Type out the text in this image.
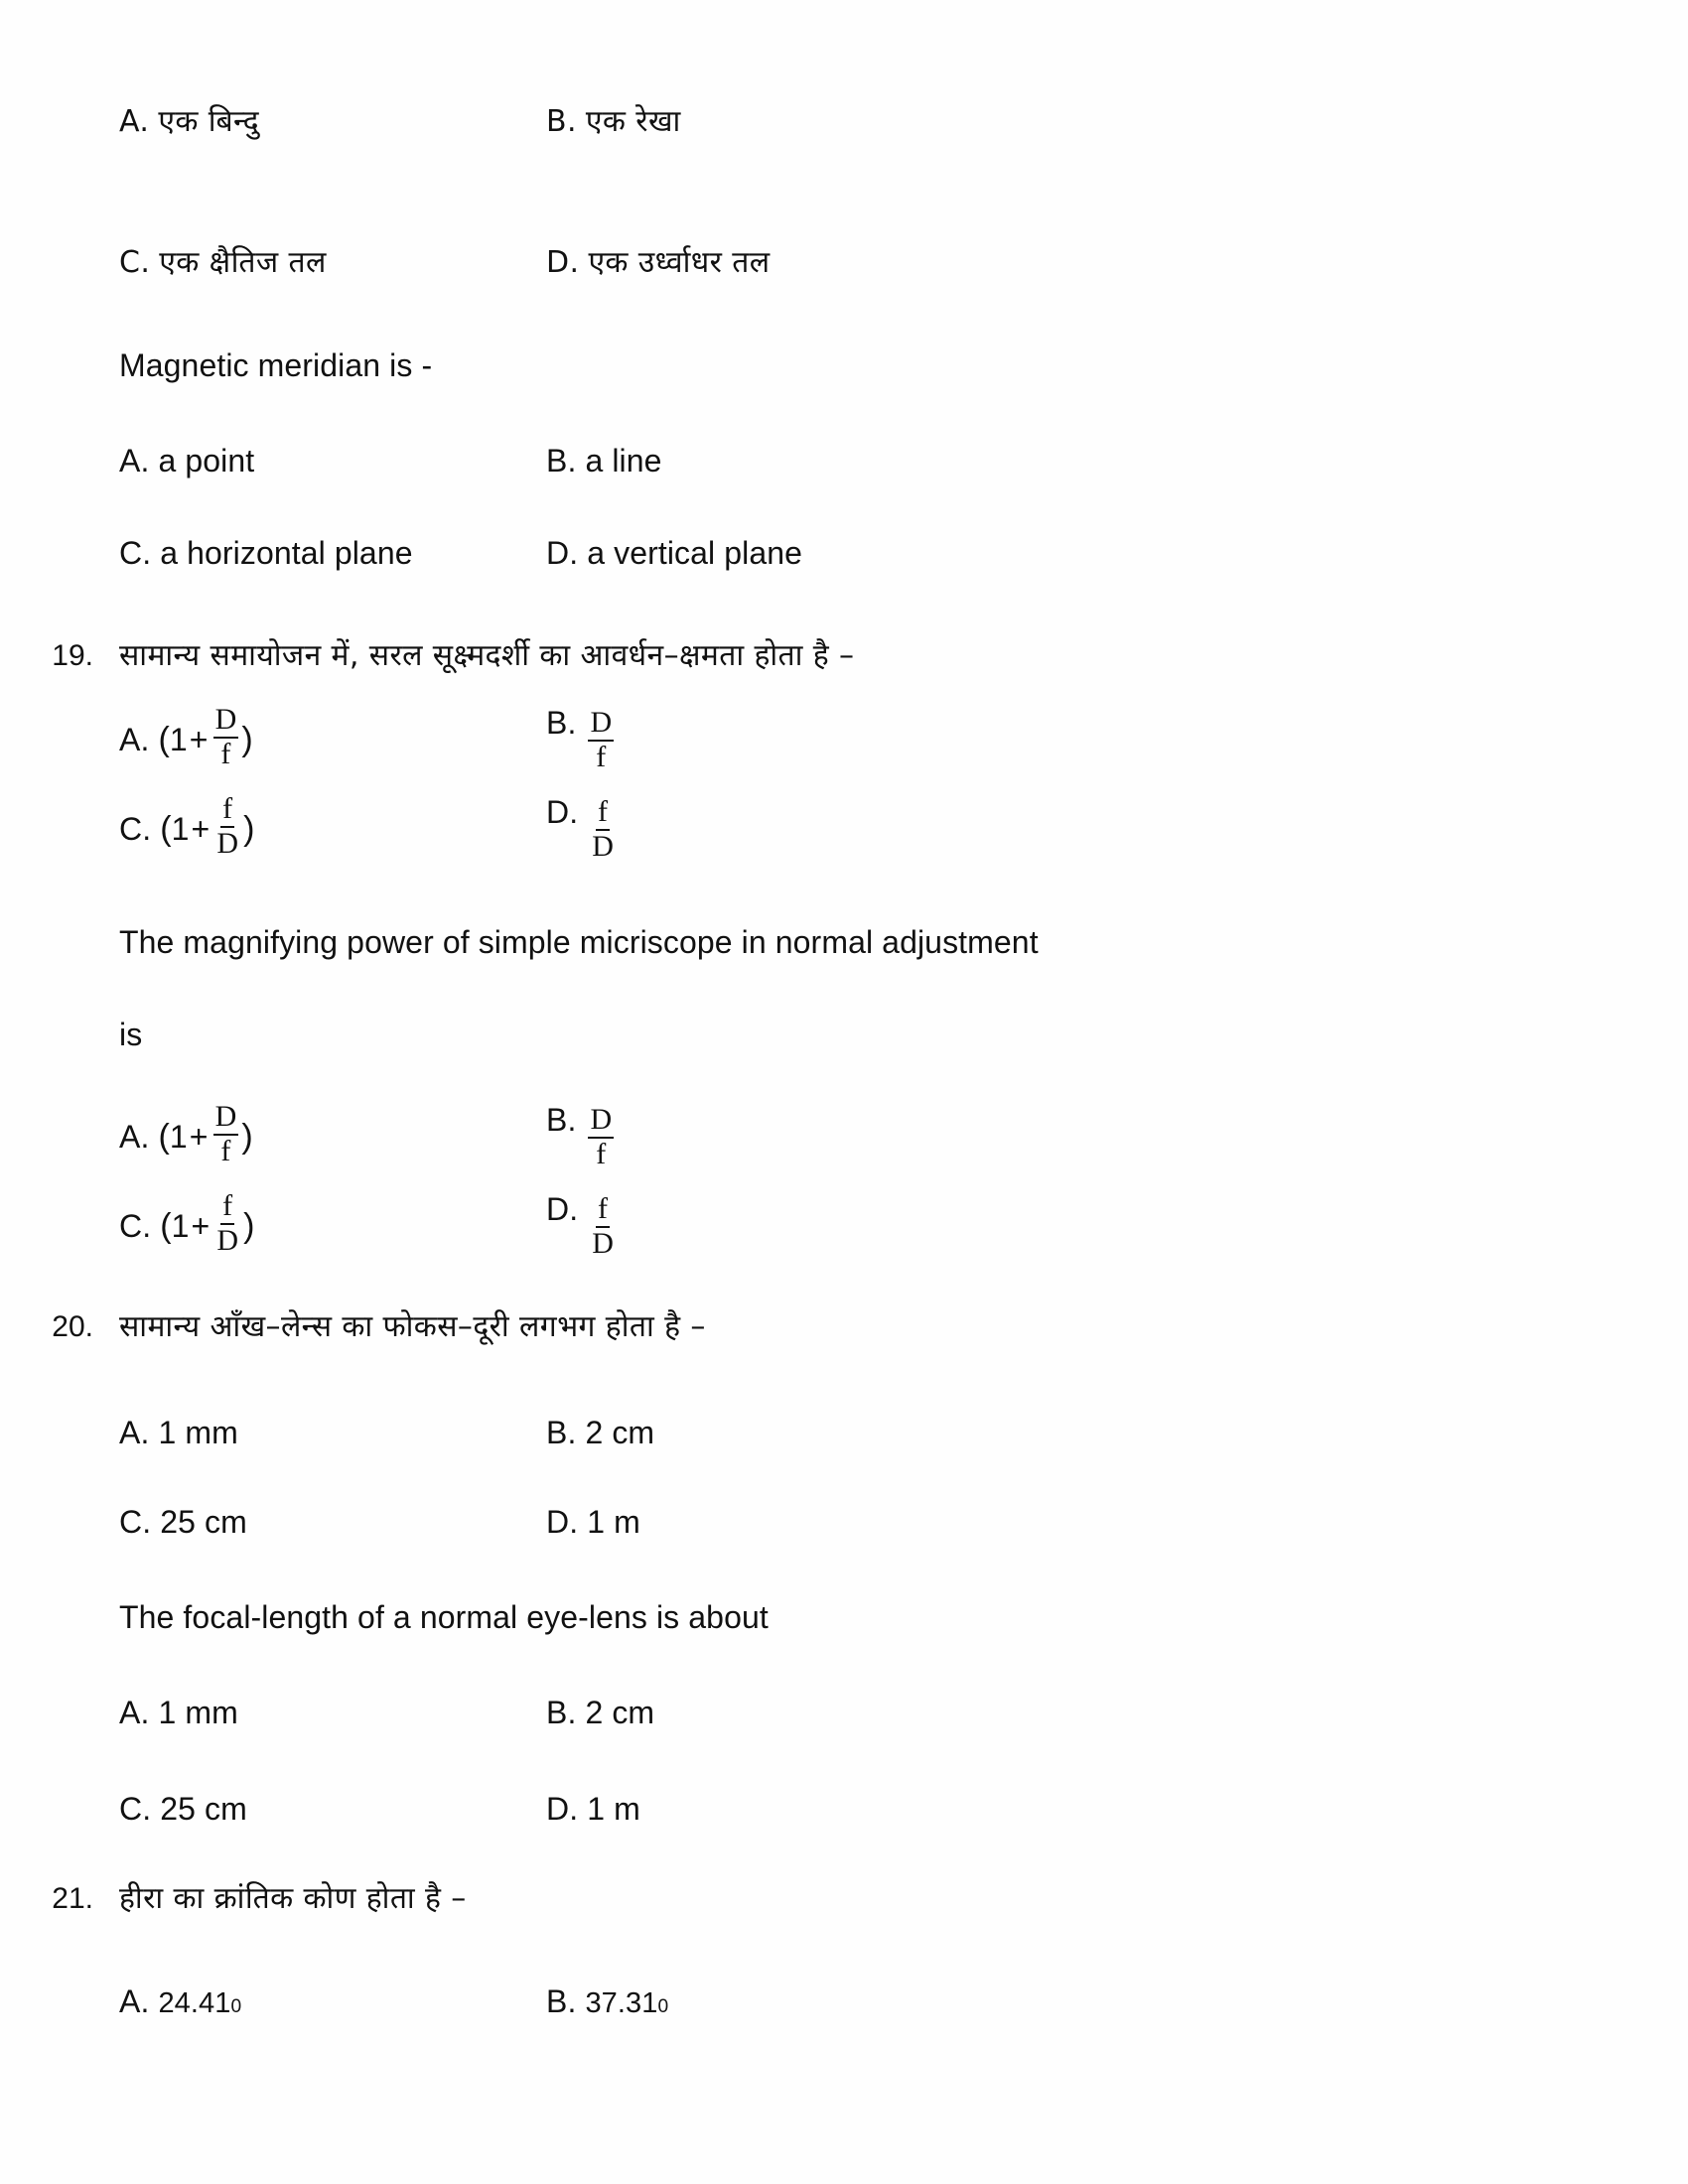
A. एक बिन्दु	B. एक रेखा
C. एक क्षैतिज तल	D. एक उर्ध्वाधर तल
Magnetic meridian is -
A. a point	B. a line
C. a horizontal plane	D. a vertical plane
19. सामान्य समायोजन में, सरल सूक्ष्मदर्शी का आवर्धन–क्षमता होता है –
A. ( $1 + \frac{D}{f}$ )	B. $\frac{D}{f}$
C. ( $1 + \frac{f}{D}$ )	D. $\frac{f}{D}$
The magnifying power of simple micriscope in normal adjustment
is
A. ( $1 + \frac{D}{f}$ )	B. $\frac{D}{f}$
C. ( $1 + \frac{f}{D}$ )	D. $\frac{f}{D}$
20. सामान्य आँख–लेन्स का फोकस–दूरी लगभग होता है –
A. 1 mm	B. 2 cm
C. 25 cm	D. 1 m
The focal-length of a normal eye-lens is about
A. 1 mm	B. 2 cm
C. 25 cm	D. 1 m
21. हीरा का क्रांतिक कोण होता है –
A. 24.41 0	B. 37.31 0
